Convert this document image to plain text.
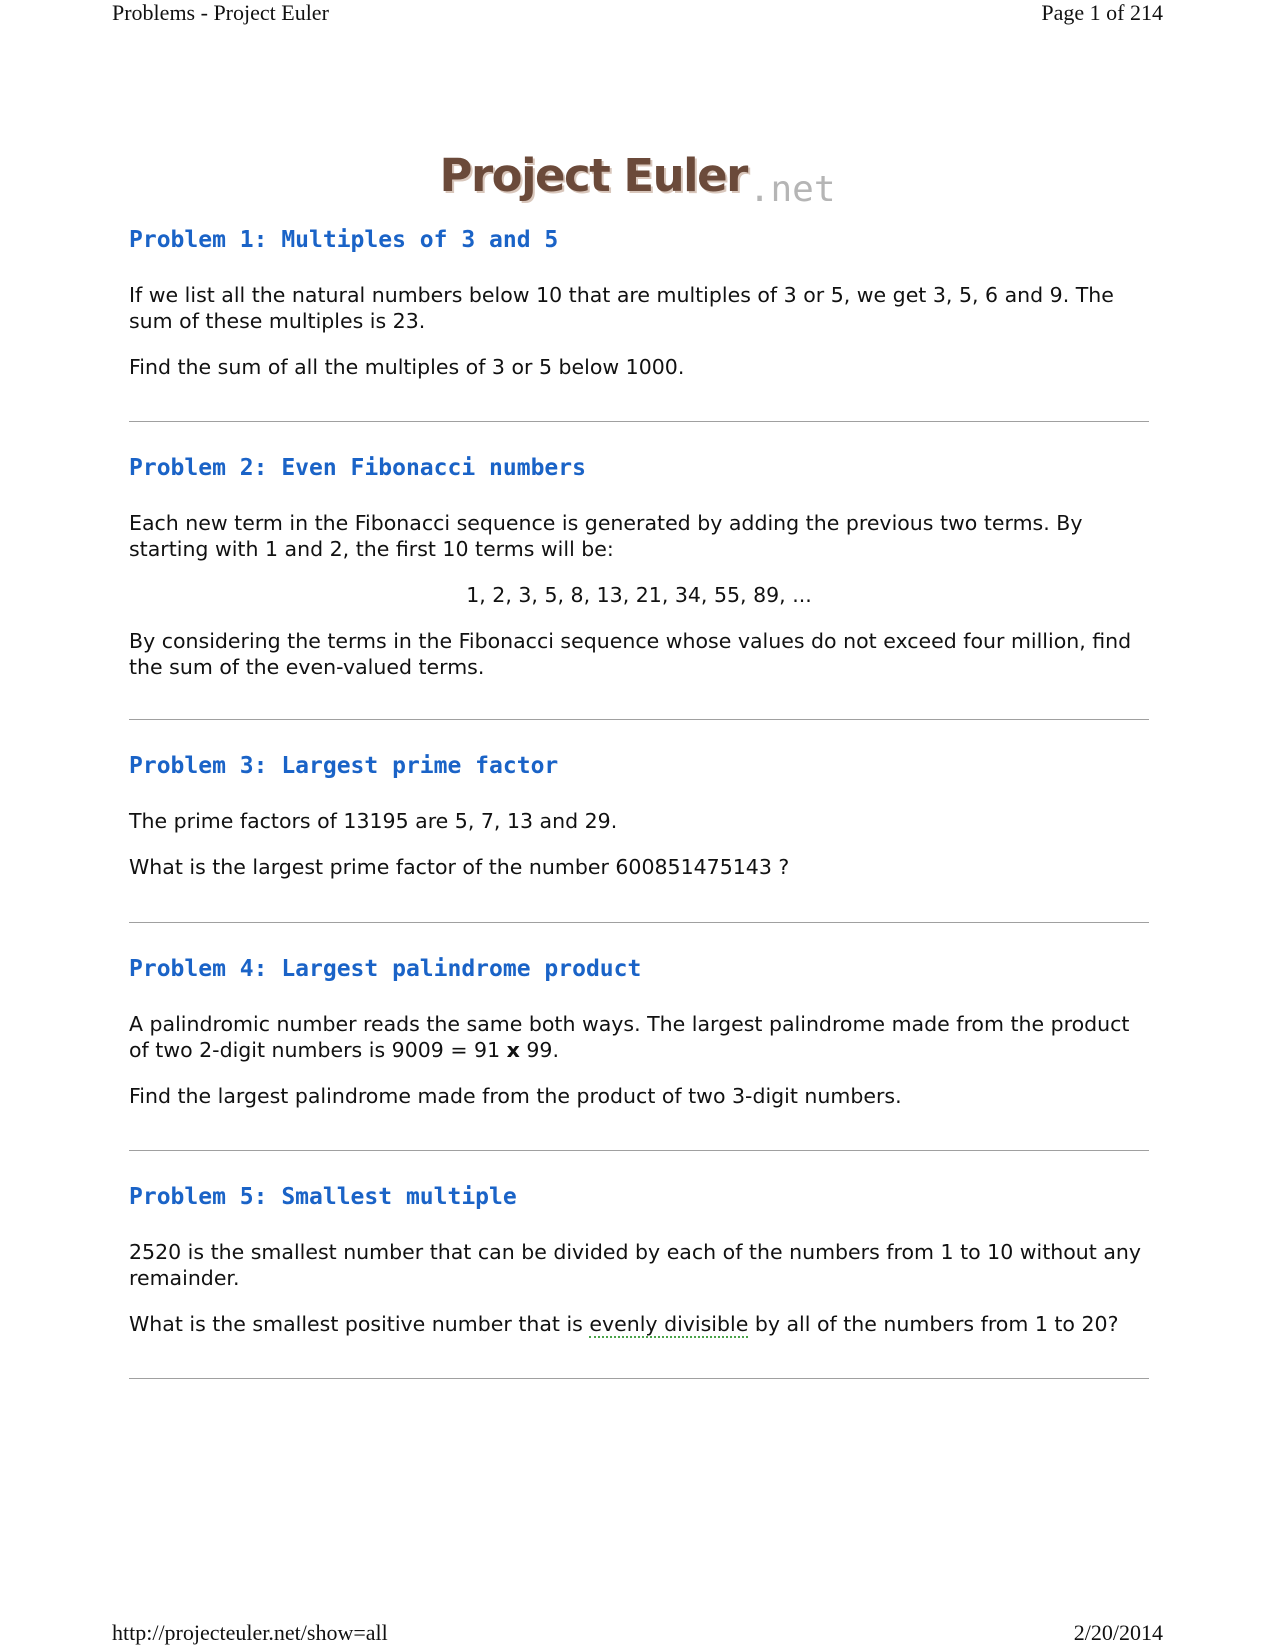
Problems - Project Euler	Page 1 of 214
Project Euler .net
Problem 1: Multiples of 3 and 5

If we list all the natural numbers below 10 that are multiples of 3 or 5, we get 3, 5, 6 and 9. The sum of these multiples is 23.

Find the sum of all the multiples of 3 or 5 below 1000.

Problem 2: Even Fibonacci numbers

Each new term in the Fibonacci sequence is generated by adding the previous two terms. By starting with 1 and 2, the first 10 terms will be:

1, 2, 3, 5, 8, 13, 21, 34, 55, 89, ...

By considering the terms in the Fibonacci sequence whose values do not exceed four million, find the sum of the even-valued terms.

Problem 3: Largest prime factor

The prime factors of 13195 are 5, 7, 13 and 29.

What is the largest prime factor of the number 600851475143 ?

Problem 4: Largest palindrome product

A palindromic number reads the same both ways. The largest palindrome made from the product of two 2-digit numbers is 9009 = 91 x 99.

Find the largest palindrome made from the product of two 3-digit numbers.

Problem 5: Smallest multiple

2520 is the smallest number that can be divided by each of the numbers from 1 to 10 without any remainder.

What is the smallest positive number that is evenly divisible by all of the numbers from 1 to 20?

http://projecteuler.net/show=all	2/20/2014
